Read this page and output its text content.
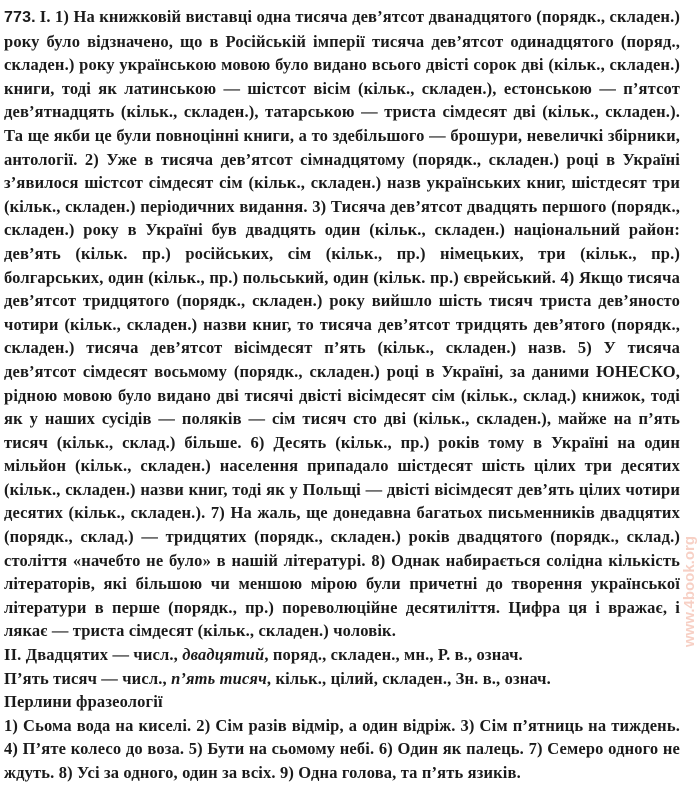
773. I. 1) На книжковій виставці одна тисяча дев’ятсот дванадцятого (порядк., складен.) року було відзначено, що в Російській імперії тисяча дев’ятсот одинадцятого (поряд., складен.) року українською мовою було видано всього двісті сорок дві (кільк., складен.) книги, тоді як латинською — шістсот вісім (кільк., складен.), естонською — п’ятсот дев’ятнадцять (кільк., складен.), татарською — триста сімдесят дві (кільк., складен.). Та ще якби це були повноцінні книги, а то здебільшого — брошури, невеличкі збірники, антології. 2) Уже в тисяча дев’ятсот сімнадцятому (порядк., складен.) році в Україні з’явилося шістсот сімдесят сім (кільк., складен.) назв українських книг, шістдесят три (кільк., складен.) періодичних видання. 3) Тисяча дев’ятсот двадцять першого (порядк., складен.) року в Україні був двадцять один (кільк., складен.) національний район: дев’ять (кільк. пр.) російських, сім (кільк., пр.) німецьких, три (кільк., пр.) болгарських, один (кільк., пр.) польський, один (кільк. пр.) єврейський. 4) Якщо тисяча дев’ятсот тридцятого (порядк., складен.) року вийшло шість тисяч триста дев’яносто чотири (кільк., складен.) назви книг, то тисяча дев’ятсот тридцять дев’ятого (порядк., складен.) тисяча дев’ятсот вісімдесят п’ять (кільк., складен.) назв. 5) У тисяча дев’ятсот сімдесят восьмому (порядк., складен.) році в Україні, за даними ЮНЕСКО, рідною мовою було видано дві тисячі двісті вісімдесят сім (кільк., склад.) книжок, тоді як у наших сусідів — поляків — сім тисяч сто дві (кільк., складен.), майже на п’ять тисяч (кільк., склад.) більше. 6) Десять (кільк., пр.) років тому в Україні на один мільйон (кільк., складен.) населення припадало шістдесят шість цілих три десятих (кільк., складен.) назви книг, тоді як у Польщі — двісті вісімдесят дев’ять цілих чотири десятих (кільк., складен.). 7) На жаль, ще донедавна багатьох письменників двадцятих (порядк., склад.) — тридцятих (порядк., складен.) років двадцятого (порядк., склад.) століття «начебто не було» в нашій літературі. 8) Однак набирається солідна кількість літераторів, які більшою чи меншою мірою були причетні до творення української літератури в перше (порядк., пр.) пореволюційне десятиліття. Цифра ця і вражає, і лякає — триста сімдесят (кільк., складен.) чоловік.

II. Двадцятих — числ., двадцятий, поряд., складен., мн., Р. в., означ.

П’ять тисяч — числ., п’ять тисяч, кільк., цілий, складен., Зн. в., означ.

Перлини фразеології

1) Сьома вода на киселі. 2) Сім разів відмір, а один відріж. 3) Сім п’ятниць на тиждень. 4) П’яте колесо до воза. 5) Бути на сьомому небі. 6) Один як палець. 7) Семеро одного не ждуть. 8) Усі за одного, один за всіх. 9) Одна голова, та п’ять язиків.

www.4book.org
